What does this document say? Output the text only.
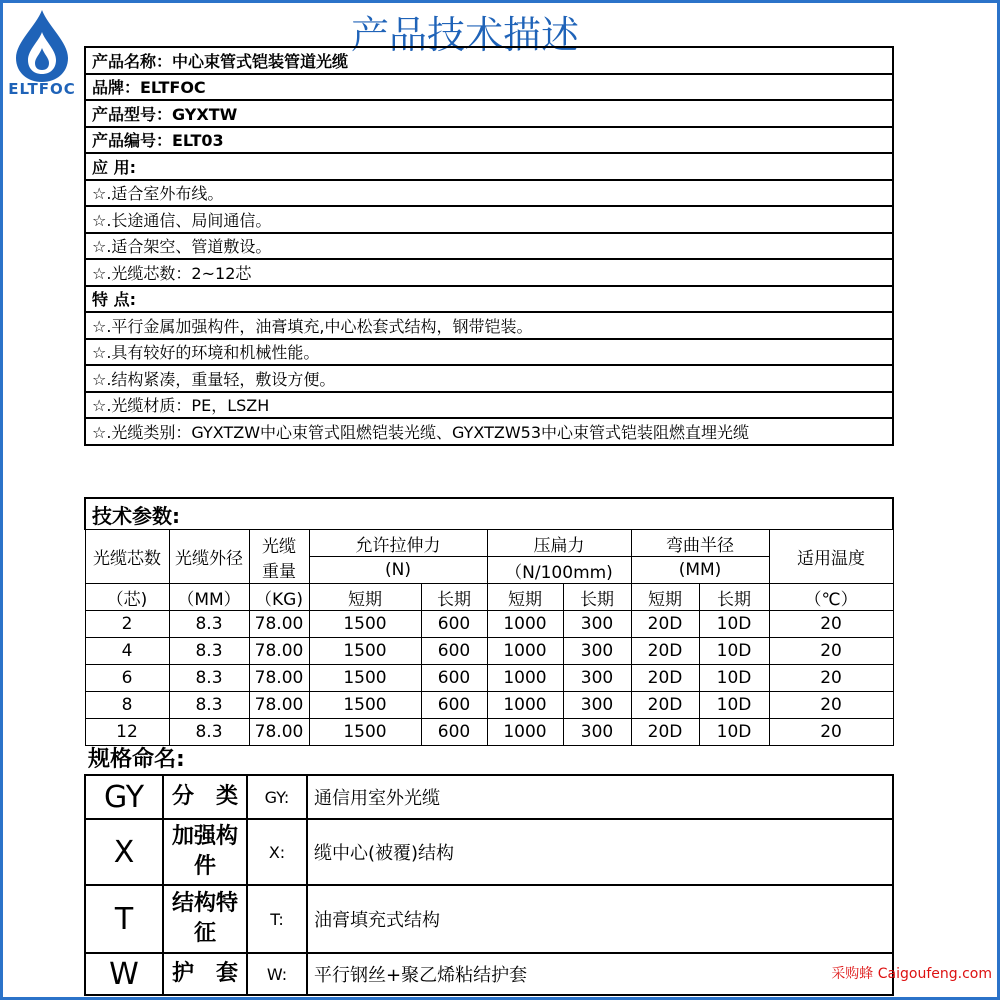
ELTFOC
产品技术描述
产品名称：中心束管式铠装管道光缆
品牌：ELTFOC
产品型号：GYXTW
产品编号：ELT03
应 用:
☆.适合室外布线。
☆.长途通信、局间通信。
☆.适合架空、管道敷设。
☆.光缆芯数：2~12芯
特 点:
☆.平行金属加强构件，油膏填充,中心松套式结构，钢带铠装。
☆.具有较好的环境和机械性能。
☆.结构紧凑，重量轻，敷设方便。
☆.光缆材质：PE，LSZH
☆.光缆类别：GYXTZW中心束管式阻燃铠装光缆、GYXTZW53中心束管式铠装阻燃直埋光缆
技术参数:									
光缆芯数	光缆外径	光缆
重量	允许拉伸力		压扁力		弯曲半径		适用温度
			(N)		（N/100mm)		(MM)		
（芯)	（MM）	（KG)	短期	长期	短期	长期	短期	长期	（℃）
2	8.3	78.00	1500	600	1000	300	20D	10D	20
4	8.3	78.00	1500	600	1000	300	20D	10D	20
6	8.3	78.00	1500	600	1000	300	20D	10D	20
8	8.3	78.00	1500	600	1000	300	20D	10D	20
12	8.3	78.00	1500	600	1000	300	20D	10D	20
规格命名:
GY	分　类	GY:	通信用室外光缆
X	加强构件	X:	缆中心(被覆)结构
T	结构特征	T:	油膏填充式结构
W	护　套	W:	平行钢丝+聚乙烯粘结护套	采购蜂 Caigoufeng.com
